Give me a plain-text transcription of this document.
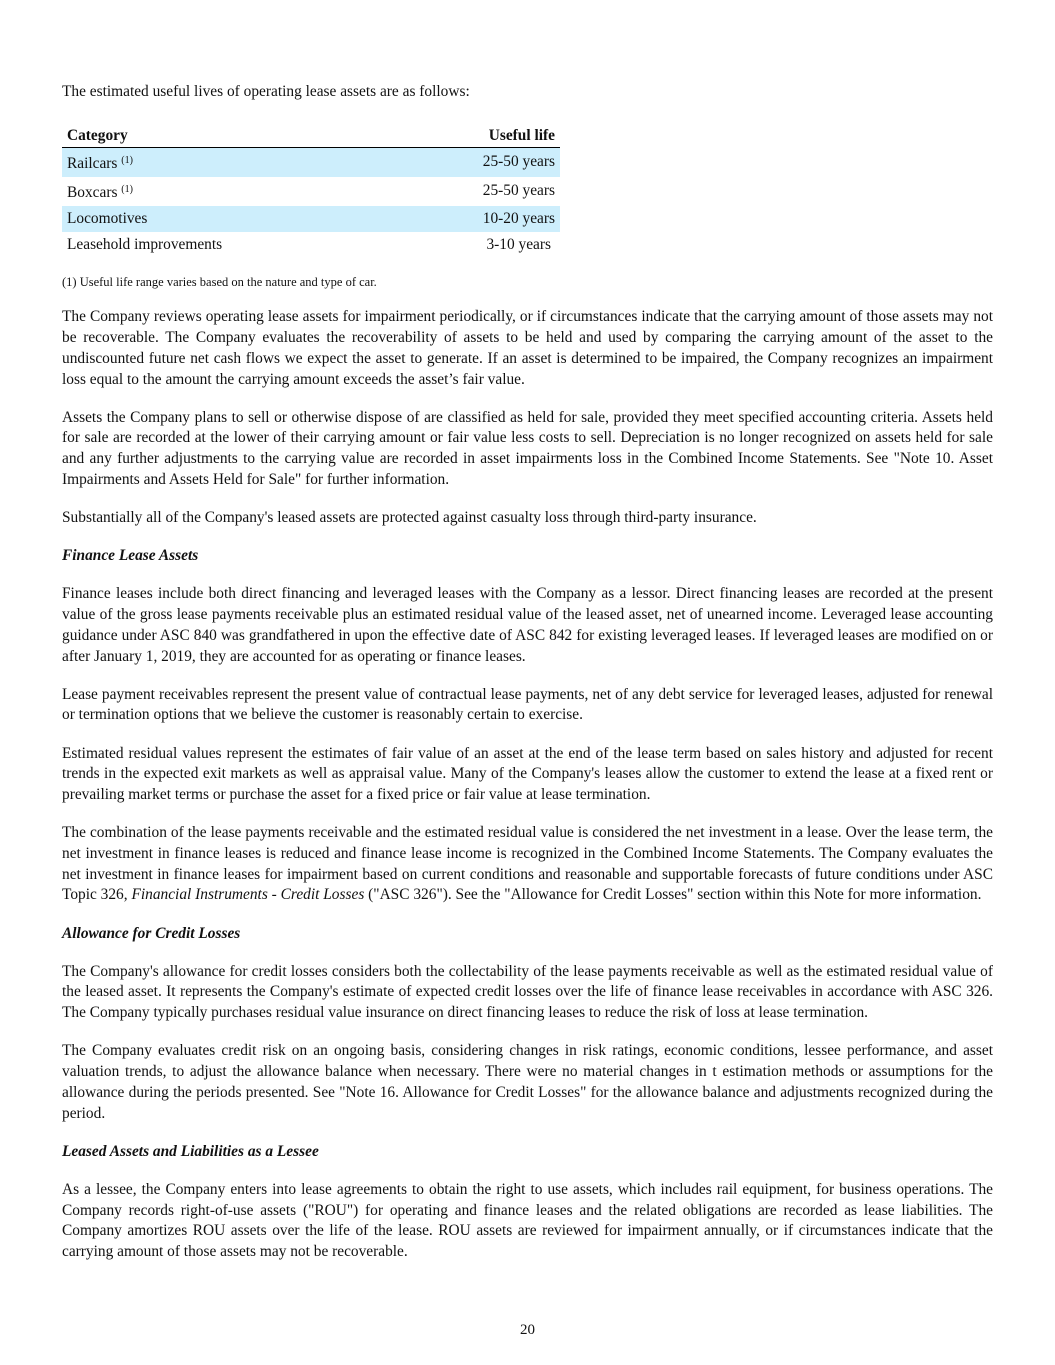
The estimated useful lives of operating lease assets are as follows:

Category	Useful life
Railcars $^{(1)}$	25-50 years
Boxcars $^{(1)}$	25-50 years
Locomotives	10-20 years
Leasehold improvements	3-10 years

(1) Useful life range varies based on the nature and type of car.

The Company reviews operating lease assets for impairment periodically, or if circumstances indicate that the carrying amount of those assets may not be recoverable. The Company evaluates the recoverability of assets to be held and used by comparing the carrying amount of the asset to the undiscounted future net cash flows we expect the asset to generate. If an asset is determined to be impaired, the Company recognizes an impairment loss equal to the amount the carrying amount exceeds the asset’s fair value.

Assets the Company plans to sell or otherwise dispose of are classified as held for sale, provided they meet specified accounting criteria. Assets held for sale are recorded at the lower of their carrying amount or fair value less costs to sell. Depreciation is no longer recognized on assets held for sale and any further adjustments to the carrying value are recorded in asset impairments loss in the Combined Income Statements. See "Note 10. Asset Impairments and Assets Held for Sale" for further information.

Substantially all of the Company's leased assets are protected against casualty loss through third-party insurance.

Finance Lease Assets

Finance leases include both direct financing and leveraged leases with the Company as a lessor. Direct financing leases are recorded at the present value of the gross lease payments receivable plus an estimated residual value of the leased asset, net of unearned income. Leveraged lease accounting guidance under ASC 840 was grandfathered in upon the effective date of ASC 842 for existing leveraged leases. If leveraged leases are modified on or after January 1, 2019, they are accounted for as operating or finance leases.

Lease payment receivables represent the present value of contractual lease payments, net of any debt service for leveraged leases, adjusted for renewal or termination options that we believe the customer is reasonably certain to exercise.

Estimated residual values represent the estimates of fair value of an asset at the end of the lease term based on sales history and adjusted for recent trends in the expected exit markets as well as appraisal value. Many of the Company's leases allow the customer to extend the lease at a fixed rent or prevailing market terms or purchase the asset for a fixed price or fair value at lease termination.

The combination of the lease payments receivable and the estimated residual value is considered the net investment in a lease. Over the lease term, the net investment in finance leases is reduced and finance lease income is recognized in the Combined Income Statements. The Company evaluates the net investment in finance leases for impairment based on current conditions and reasonable and supportable forecasts of future conditions under ASC Topic 326, Financial Instruments - Credit Losses ("ASC 326"). See the "Allowance for Credit Losses" section within this Note for more information.

Allowance for Credit Losses

The Company's allowance for credit losses considers both the collectability of the lease payments receivable as well as the estimated residual value of the leased asset. It represents the Company's estimate of expected credit losses over the life of finance lease receivables in accordance with ASC 326. The Company typically purchases residual value insurance on direct financing leases to reduce the risk of loss at lease termination.

The Company evaluates credit risk on an ongoing basis, considering changes in risk ratings, economic conditions, lessee performance, and asset valuation trends, to adjust the allowance balance when necessary. There were no material changes in t estimation methods or assumptions for the allowance during the periods presented. See "Note 16. Allowance for Credit Losses" for the allowance balance and adjustments recognized during the period.

Leased Assets and Liabilities as a Lessee

As a lessee, the Company enters into lease agreements to obtain the right to use assets, which includes rail equipment, for business operations. The Company records right-of-use assets ("ROU") for operating and finance leases and the related obligations are recorded as lease liabilities. The Company amortizes ROU assets over the life of the lease. ROU assets are reviewed for impairment annually, or if circumstances indicate that the carrying amount of those assets may not be recoverable.

20
